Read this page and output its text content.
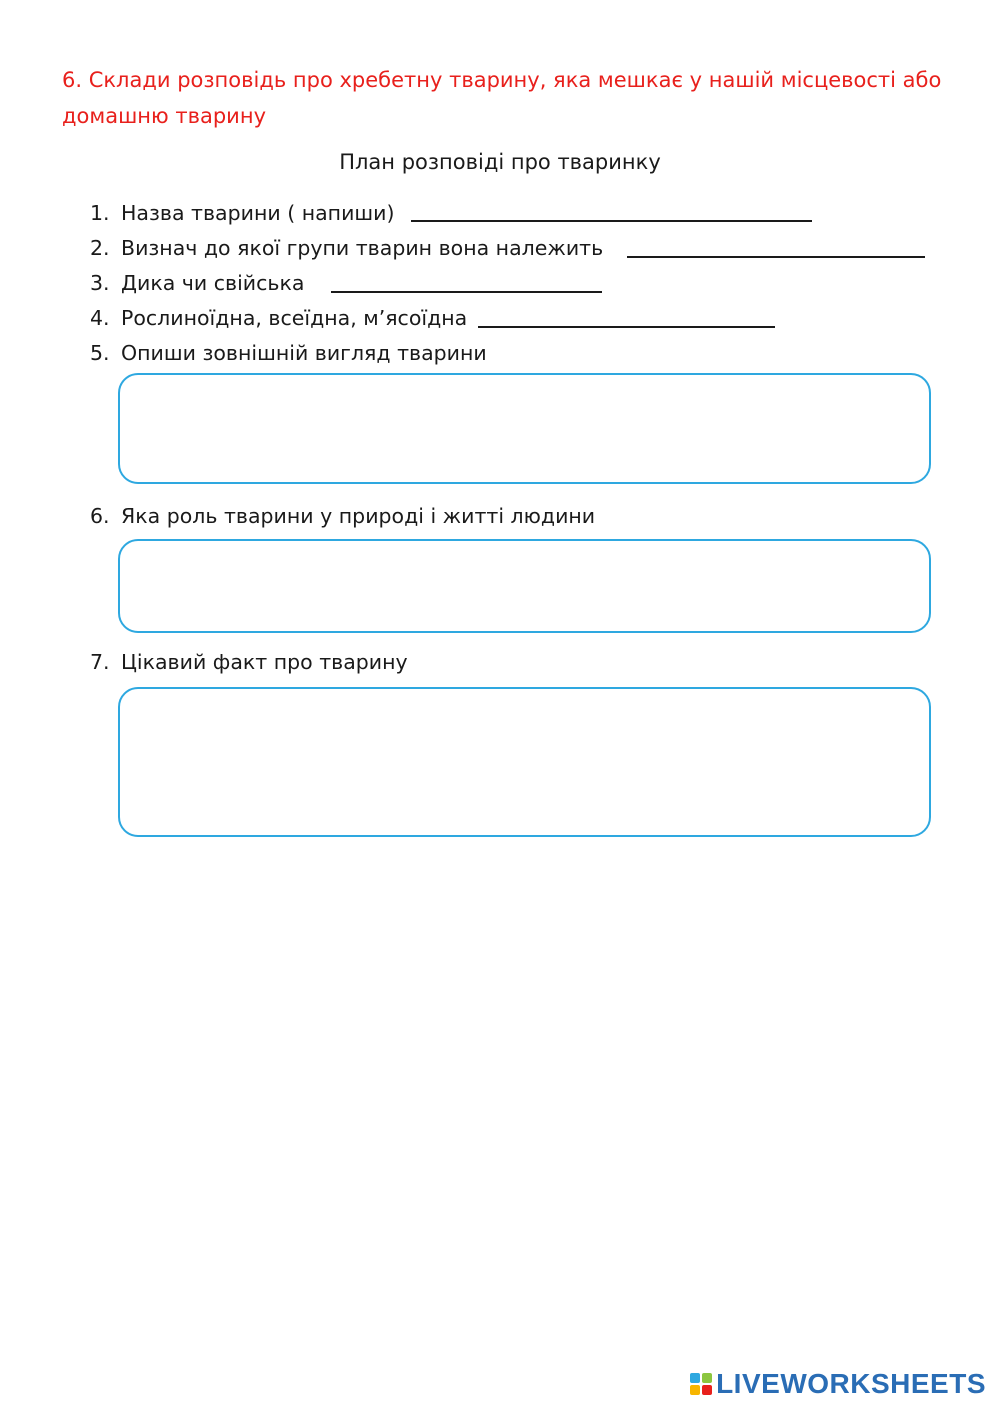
6. Склади розповідь про хребетну тварину, яка мешкає у нашій місцевості або домашню тварину
План розповіді про тваринку
1. Назва тварини ( напиши)
2. Визнач до якої групи тварин вона належить
3. Дика чи свійська
4. Рослиноїдна, всеїдна, м’ясоїдна
5. Опиши зовнішній вигляд тварини
6. Яка роль тварини у природі і житті людини
7. Цікавий факт про тварину
LIVEWORKSHEETS
